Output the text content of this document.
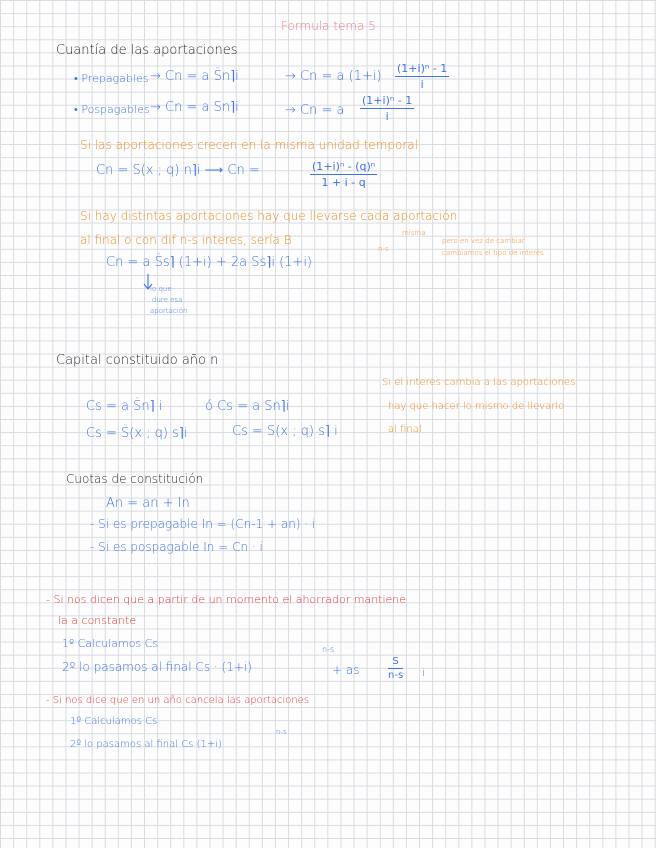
Formula tema 5
Cuantía de las aportaciones
• Prepagables → Cn = a S̈n⌉i	→ Cn = a $(1+i) \frac{\text{(1+i)ⁿ - 1}}{i}$
• Pospagables → Cn = a Sn⌉i	→ Cn = a $\frac{\text{(1+i)ⁿ - 1}}{i}$
Si las aportaciones crecen en la misma unidad temporal
Cn = S(x ; q) n⌉i ⟶ Cn =	$\frac{\text{(1+i)ⁿ - (q)ⁿ}}{1 + i - q}$
Si hay distintas aportaciones hay que llevarse cada aportación
al final o con dif n-s interes, sería B
n-s
misma
pero en vez de cambiar
cambiamos el tipo de interés
Cn = a S̈s⌉ (1+i) + 2a Ss⌉i (1+i)
lo que
dure esa
aportación
Capital constituido año n
Cs = a S̈n⌉ i	ó Cs = a Sn⌉i
Cs = S̈(x ; q) s⌉i	Cs = S(x ; q) s⌉ i
Si el interes cambia a las aportaciones
hay que hacer lo mismo de llevarlo
al final
Cuotas de constitución
An = an + In
- Si es prepagable In = (Cn-1 + an) · i
- Si es pospagable In = Cn · i
- Si nos dicen que a partir de un momento el ahorrador mantiene
la a constante
1º Calculamos Cs
2º lo pasamos al final Cs · (1+i)
n-s
+ as	$\frac{S}{n-s}$ i
- Si nos dice que en un año cancela las aportaciones
1º Calculamos Cs
2º lo pasamos al final Cs (1+i)
n-s
